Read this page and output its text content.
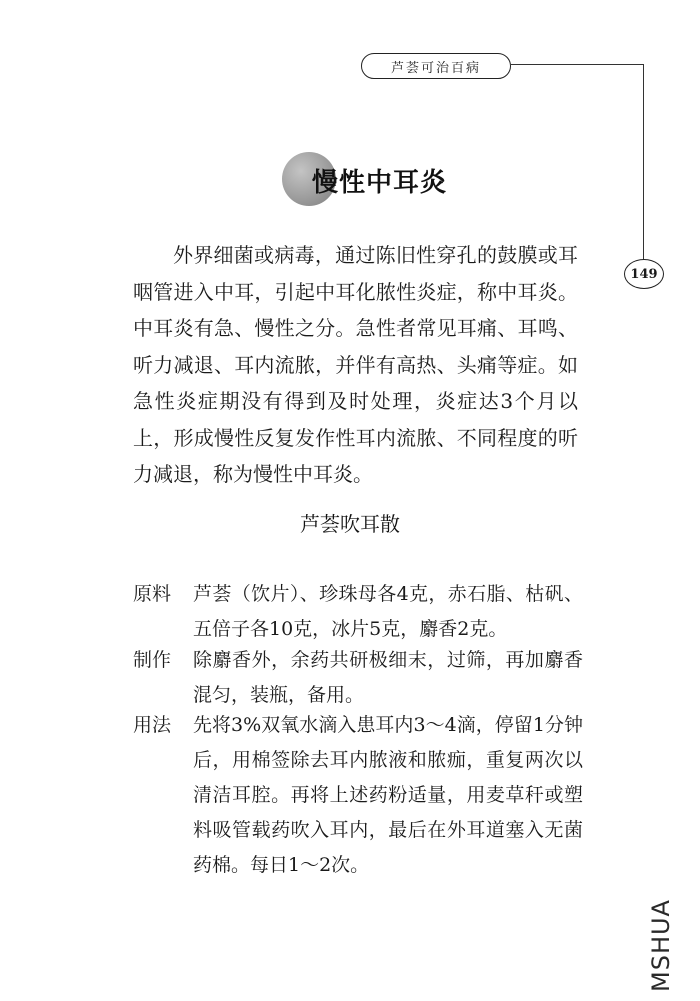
芦荟可治百病
149
慢性中耳炎

外界细菌或病毒，通过陈旧性穿孔的鼓膜或耳咽管进入中耳，引起中耳化脓性炎症，称中耳炎。中耳炎有急、慢性之分。急性者常见耳痛、耳鸣、听力减退、耳内流脓，并伴有高热、头痛等症。如急性炎症期没有得到及时处理，炎症达3个月以上，形成慢性反复发作性耳内流脓、不同程度的听力减退，称为慢性中耳炎。

芦荟吹耳散
原料	芦荟（饮片）、珍珠母各4克，赤石脂、枯矾、五倍子各10克，冰片5克，麝香2克。
制作	除麝香外，余药共研极细末，过筛，再加麝香混匀，装瓶，备用。
用法	先将3%双氧水滴入患耳内3～4滴，停留1分钟后，用棉签除去耳内脓液和脓痂，重复两次以清洁耳腔。再将上述药粉适量，用麦草秆或塑料吸管载药吹入耳内，最后在外耳道塞入无菌药棉。每日1～2次。
MSHUA
